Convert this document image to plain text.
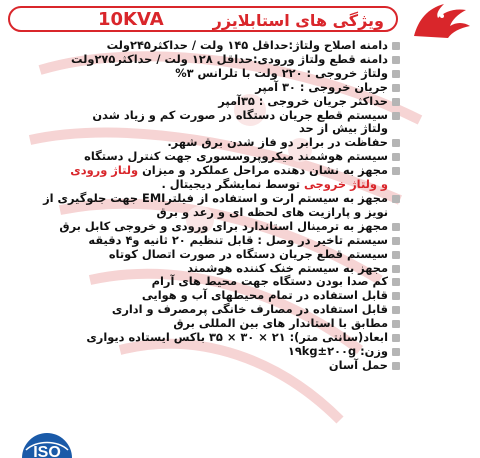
10KVA	ویژگی های استابلایزر
دامنه اصلاح ولتاژ:حداقل ۱۴۵ ولت / حداکثر۲۴۵ولت
دامنه قطع ولتاژ ورودی:حداقل ۱۲۸ ولت / حداکثر۲۷۵ولت
ولتاژ خروجی : ۲۲۰ ولت با تلرانس ۳%
جریان خروجی : ۳۰ آمپر
حداکثر جریان خروجی : ۳۵آمپر
سیستم قطع جریان دستگاه در صورت کم و زیاد شدن
ولتاژ بیش از حد
حفاظت در برابر دو فاز شدن برق شهر.
سیستم هوشمند میکروپروسسوری جهت کنترل دستگاه
مجهز به نشان دهنده مراحل عملکرد و میزان ولتاژ ورودی
و ولتاژ خروجی توسط نمایشگر دیجیتال .
مجهز به سیستم ارت و استفاده از فیلترEMI جهت جلوگیری از
نویز و پارازیت های لحظه ای و رعد و برق
مجهز به ترمینال استاندارد برای ورودی و خروجی کابل برق
سیستم تاخیر در وصل : قابل تنظیم ۲۰ ثانیه و۴ دقیقه
سیستم قطع جریان دستگاه در صورت اتصال کوتاه
مجهز به سیستم خنک کننده هوشمند
کم صدا بودن دستگاه جهت محیط های آرام
قابل استفاده در تمام محیطهای آب و هوایی
قابل استفاده در مصارف خانگی پرمصرف و اداری
مطابق با استاندار های بین المللی برق
ابعاد(سانتی متر): ۲۱ × ۳۰ × ۳۵ باکس ایستاده دیواری
وزن: ۱۹kg±۲۰۰g
حمل آسان
ISO
